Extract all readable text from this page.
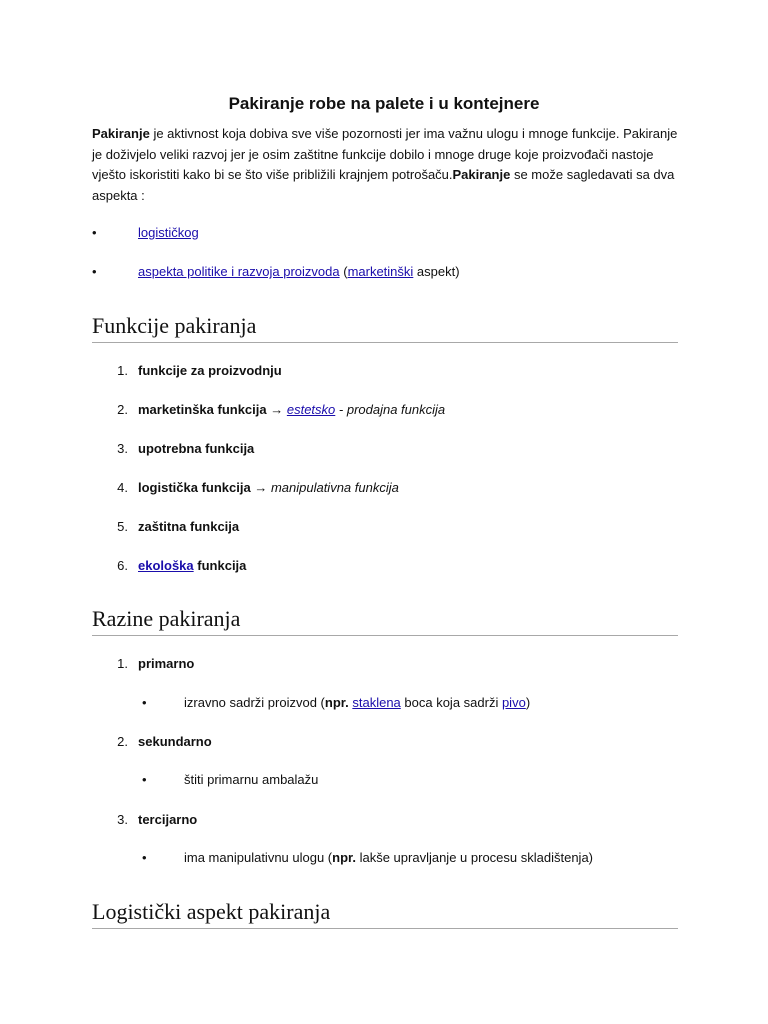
Pakiranje robe na palete i u kontejnere
Pakiranje je aktivnost koja dobiva sve više pozornosti jer ima važnu ulogu i mnoge funkcije. Pakiranje je doživjelo veliki razvoj jer je osim zaštitne funkcije dobilo i mnoge druge koje proizvođači nastoje vješto iskoristiti kako bi se što više približili krajnjem potrošaču.Pakiranje se može sagledavati sa dva aspekta :
•	logističkog
•	aspekta politike i razvoja proizvoda (marketinški aspekt)
Funkcije pakiranja
1. funkcije za proizvodnju
2. marketinška funkcija → estetsko - prodajna funkcija
3. upotrebna funkcija
4. logistička funkcija → manipulativna funkcija
5. zaštitna funkcija
6. ekološka funkcija
Razine pakiranja
1. primarno
•	izravno sadrži proizvod (npr. staklena boca koja sadrži pivo)
2. sekundarno
•	štiti primarnu ambalažu
3. tercijarno
•	ima manipulativnu ulogu (npr. lakše upravljanje u procesu skladištenja)
Logistički aspekt pakiranja
